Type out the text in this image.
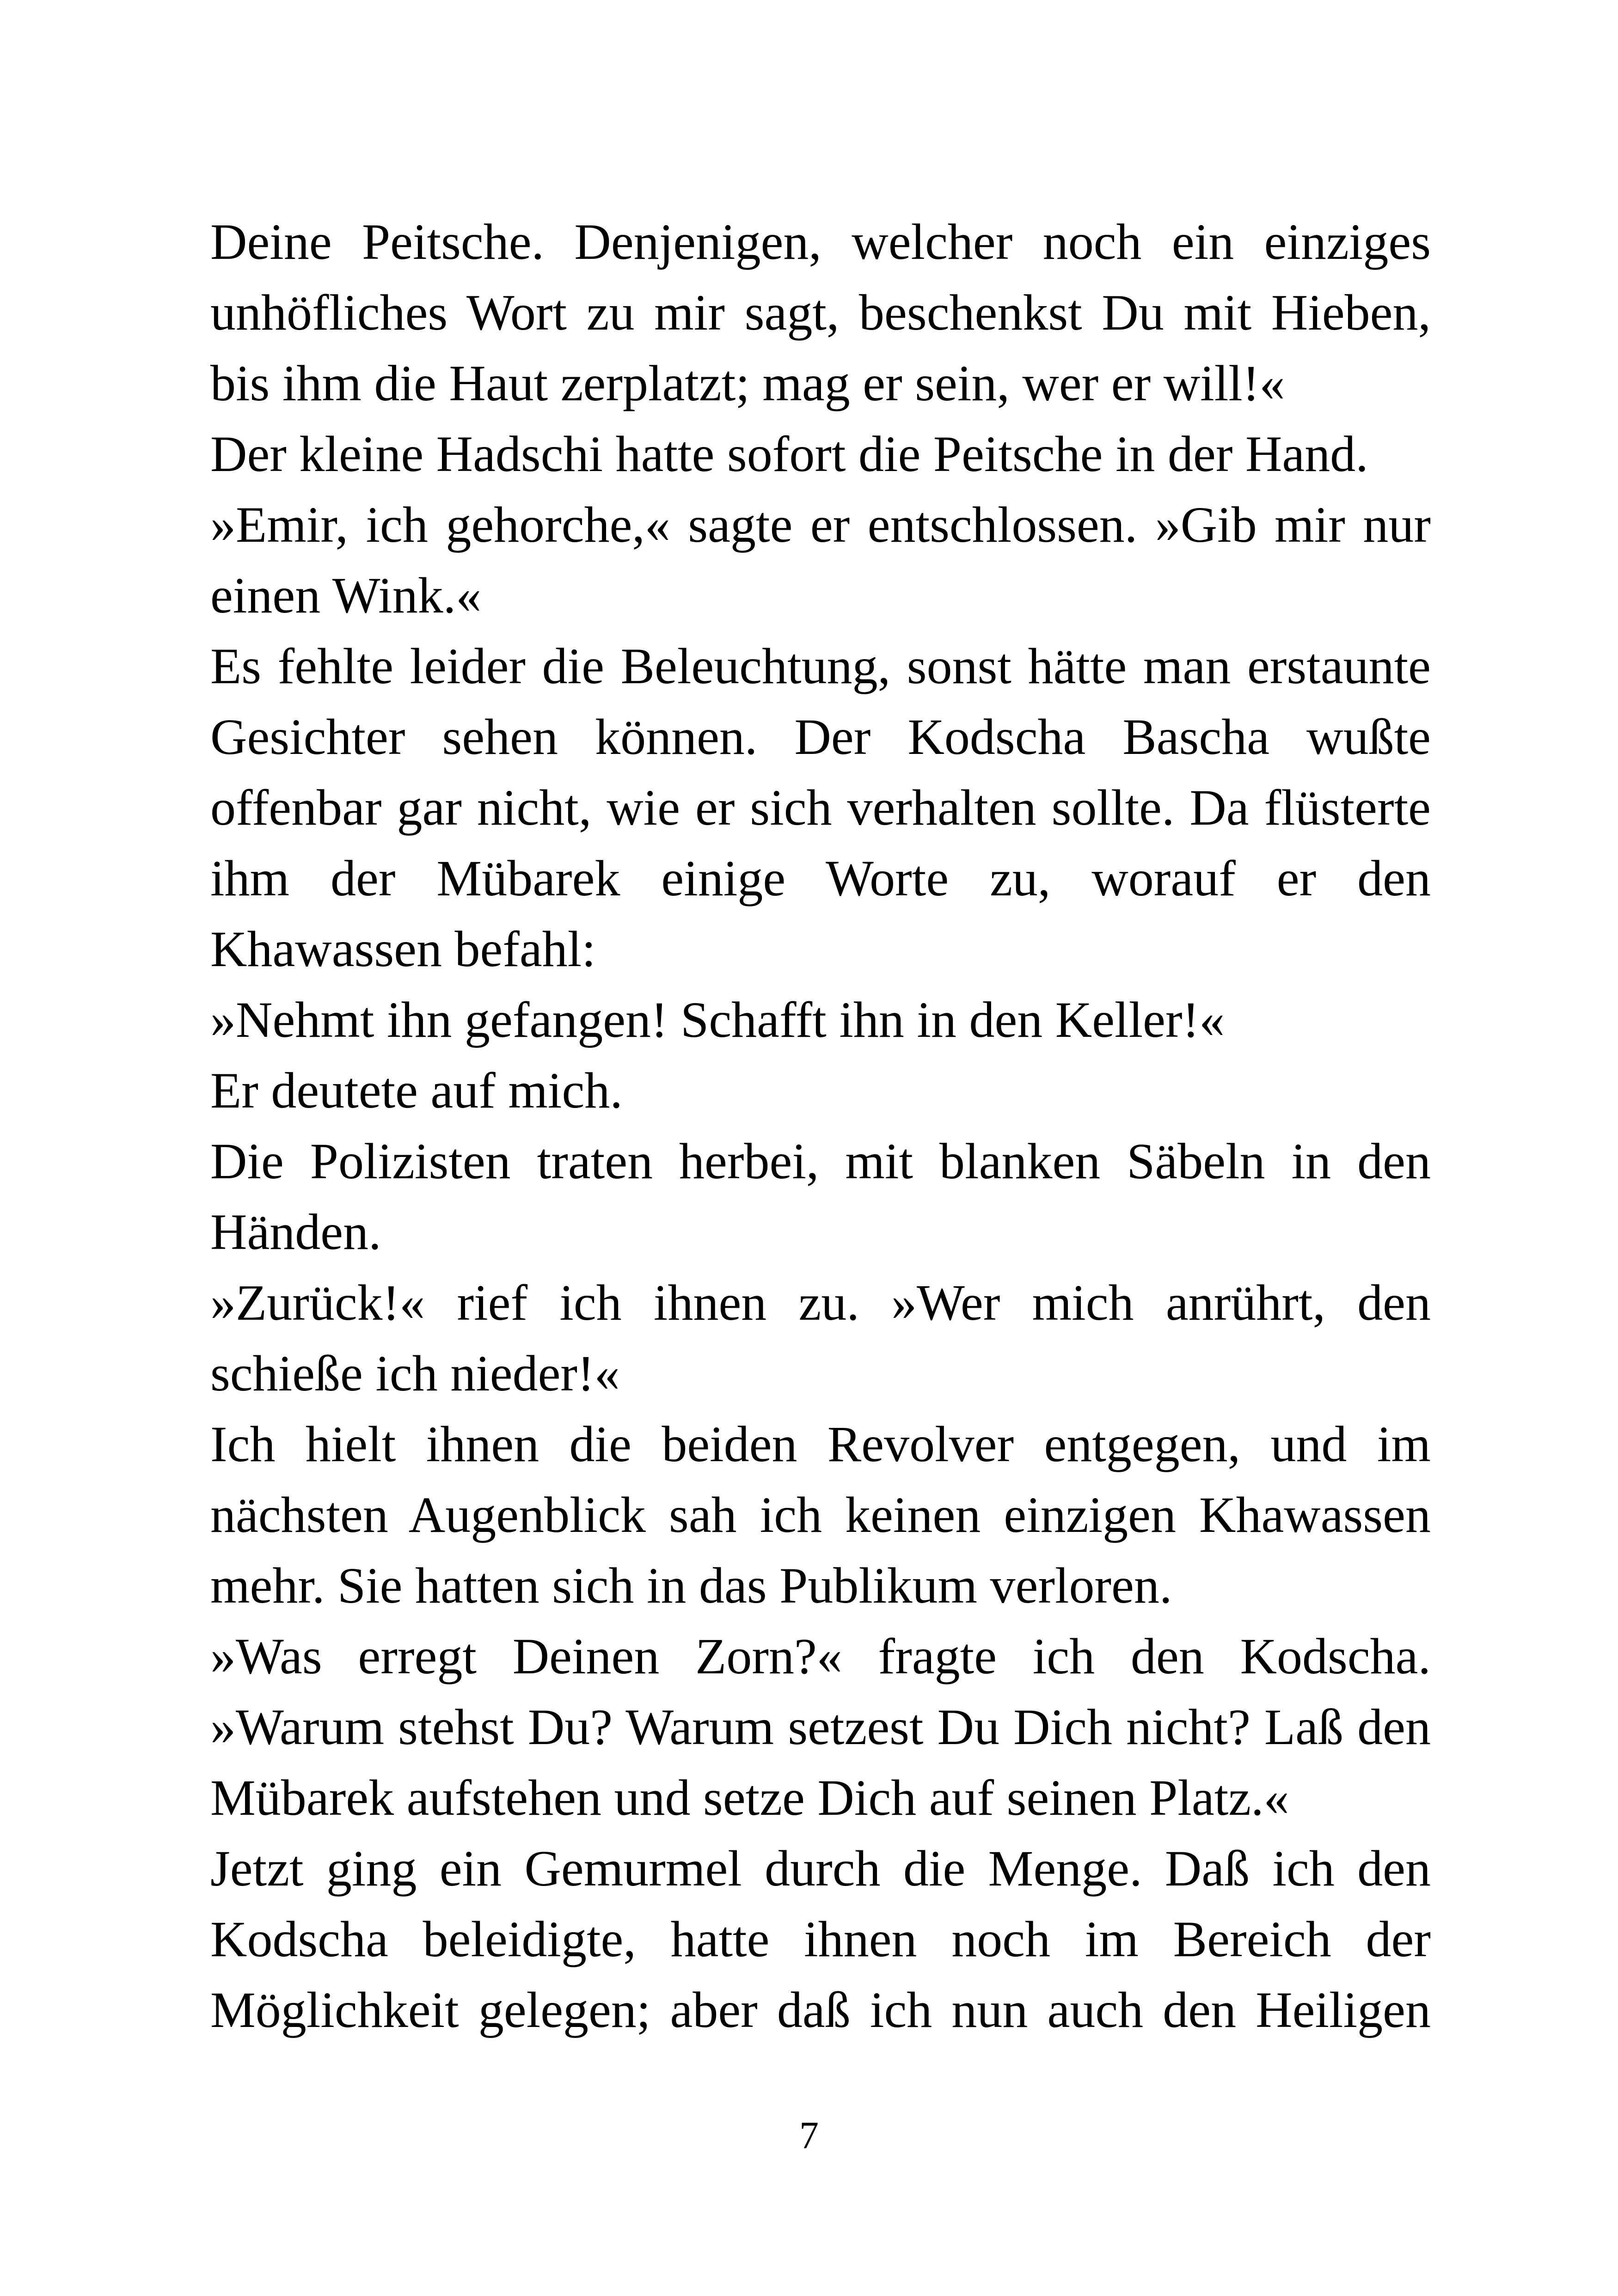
Deine Peitsche. Denjenigen, welcher noch ein einziges unhöfliches Wort zu mir sagt, beschenkst Du mit Hieben, bis ihm die Haut zerplatzt; mag er sein, wer er will!«

Der kleine Hadschi hatte sofort die Peitsche in der Hand.

»Emir, ich gehorche,« sagte er entschlossen. »Gib mir nur einen Wink.«

Es fehlte leider die Beleuchtung, sonst hätte man erstaunte Gesichter sehen können. Der Kodscha Bascha wußte offenbar gar nicht, wie er sich verhalten sollte. Da flüsterte ihm der Mübarek einige Worte zu, worauf er den Khawassen befahl:

»Nehmt ihn gefangen! Schafft ihn in den Keller!«

Er deutete auf mich.

Die Polizisten traten herbei, mit blanken Säbeln in den Händen.

»Zurück!« rief ich ihnen zu. »Wer mich anrührt, den schieße ich nieder!«

Ich hielt ihnen die beiden Revolver entgegen, und im nächsten Augenblick sah ich keinen einzigen Khawassen mehr. Sie hatten sich in das Publikum verloren.

»Was erregt Deinen Zorn?« fragte ich den Kodscha. »Warum stehst Du? Warum setzest Du Dich nicht? Laß den Mübarek aufstehen und setze Dich auf seinen Platz.«

Jetzt ging ein Gemurmel durch die Menge. Daß ich den Kodscha beleidigte, hatte ihnen noch im Bereich der Möglichkeit gelegen; aber daß ich nun auch den Heiligen

7
